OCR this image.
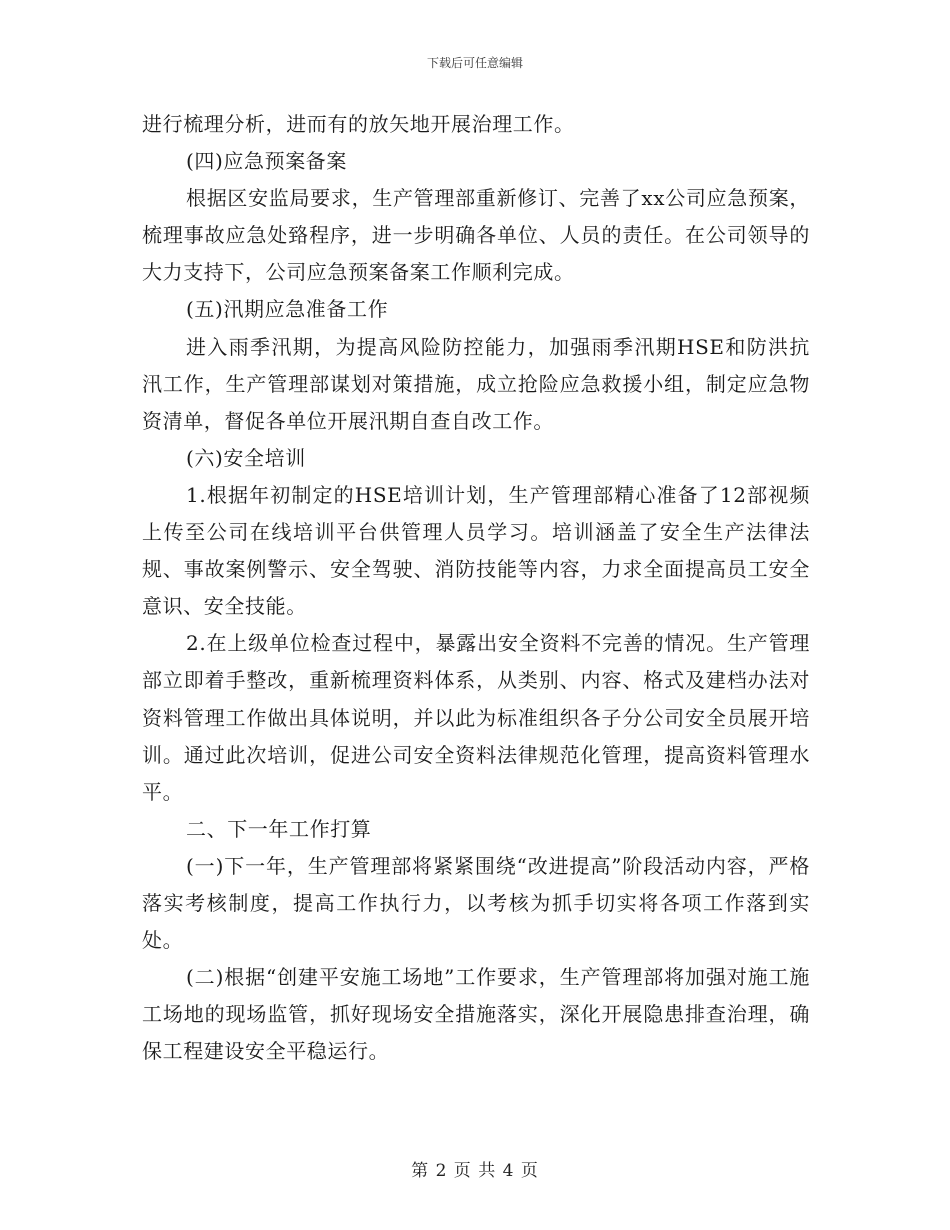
下载后可任意编辑

进行梳理分析，进而有的放矢地开展治理工作。

(四)应急预案备案

根据区安监局要求，生产管理部重新修订、完善了xx公司应急预案，梳理事故应急处臵程序，进一步明确各单位、人员的责任。在公司领导的大力支持下，公司应急预案备案工作顺利完成。

(五)汛期应急准备工作

进入雨季汛期，为提高风险防控能力，加强雨季汛期HSE和防洪抗汛工作，生产管理部谋划对策措施，成立抢险应急救援小组，制定应急物资清单，督促各单位开展汛期自查自改工作。

(六)安全培训

1.根据年初制定的HSE培训计划，生产管理部精心准备了12部视频上传至公司在线培训平台供管理人员学习。培训涵盖了安全生产法律法规、事故案例警示、安全驾驶、消防技能等内容，力求全面提高员工安全意识、安全技能。

2.在上级单位检查过程中，暴露出安全资料不完善的情况。生产管理部立即着手整改，重新梳理资料体系，从类别、内容、格式及建档办法对资料管理工作做出具体说明，并以此为标准组织各子分公司安全员展开培训。通过此次培训，促进公司安全资料法律规范化管理，提高资料管理水平。

二、下一年工作打算

(一)下一年，生产管理部将紧紧围绕“改进提高”阶段活动内容，严格落实考核制度，提高工作执行力，以考核为抓手切实将各项工作落到实处。

(二)根据“创建平安施工场地”工作要求，生产管理部将加强对施工施工场地的现场监管，抓好现场安全措施落实，深化开展隐患排查治理，确保工程建设安全平稳运行。

第 2 页 共 4 页
